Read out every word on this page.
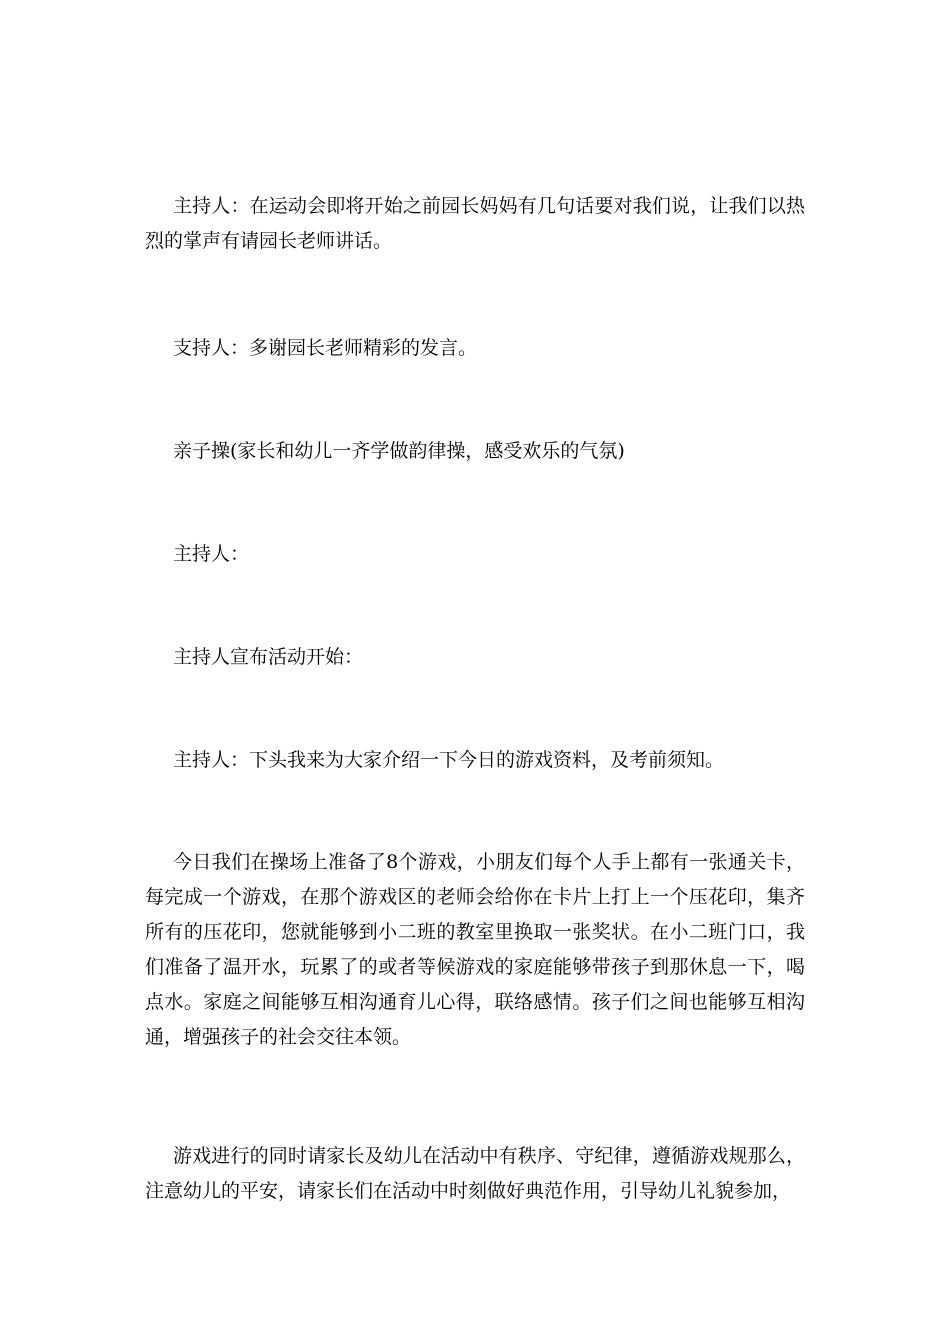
主持人：在运动会即将开始之前园长妈妈有几句话要对我们说，让我们以热烈的掌声有请园长老师讲话。

支持人：多谢园长老师精彩的发言。

亲子操(家长和幼儿一齐学做韵律操，感受欢乐的气氛)

主持人：

主持人宣布活动开始：

主持人：下头我来为大家介绍一下今日的游戏资料，及考前须知。

今日我们在操场上准备了8个游戏，小朋友们每个人手上都有一张通关卡，每完成一个游戏，在那个游戏区的老师会给你在卡片上打上一个压花印，集齐所有的压花印，您就能够到小二班的教室里换取一张奖状。在小二班门口，我们准备了温开水，玩累了的或者等候游戏的家庭能够带孩子到那休息一下，喝点水。家庭之间能够互相沟通育儿心得，联络感情。孩子们之间也能够互相沟通，增强孩子的社会交往本领。

游戏进行的同时请家长及幼儿在活动中有秩序、守纪律，遵循游戏规那么，注意幼儿的平安，请家长们在活动中时刻做好典范作用，引导幼儿礼貌参加，
